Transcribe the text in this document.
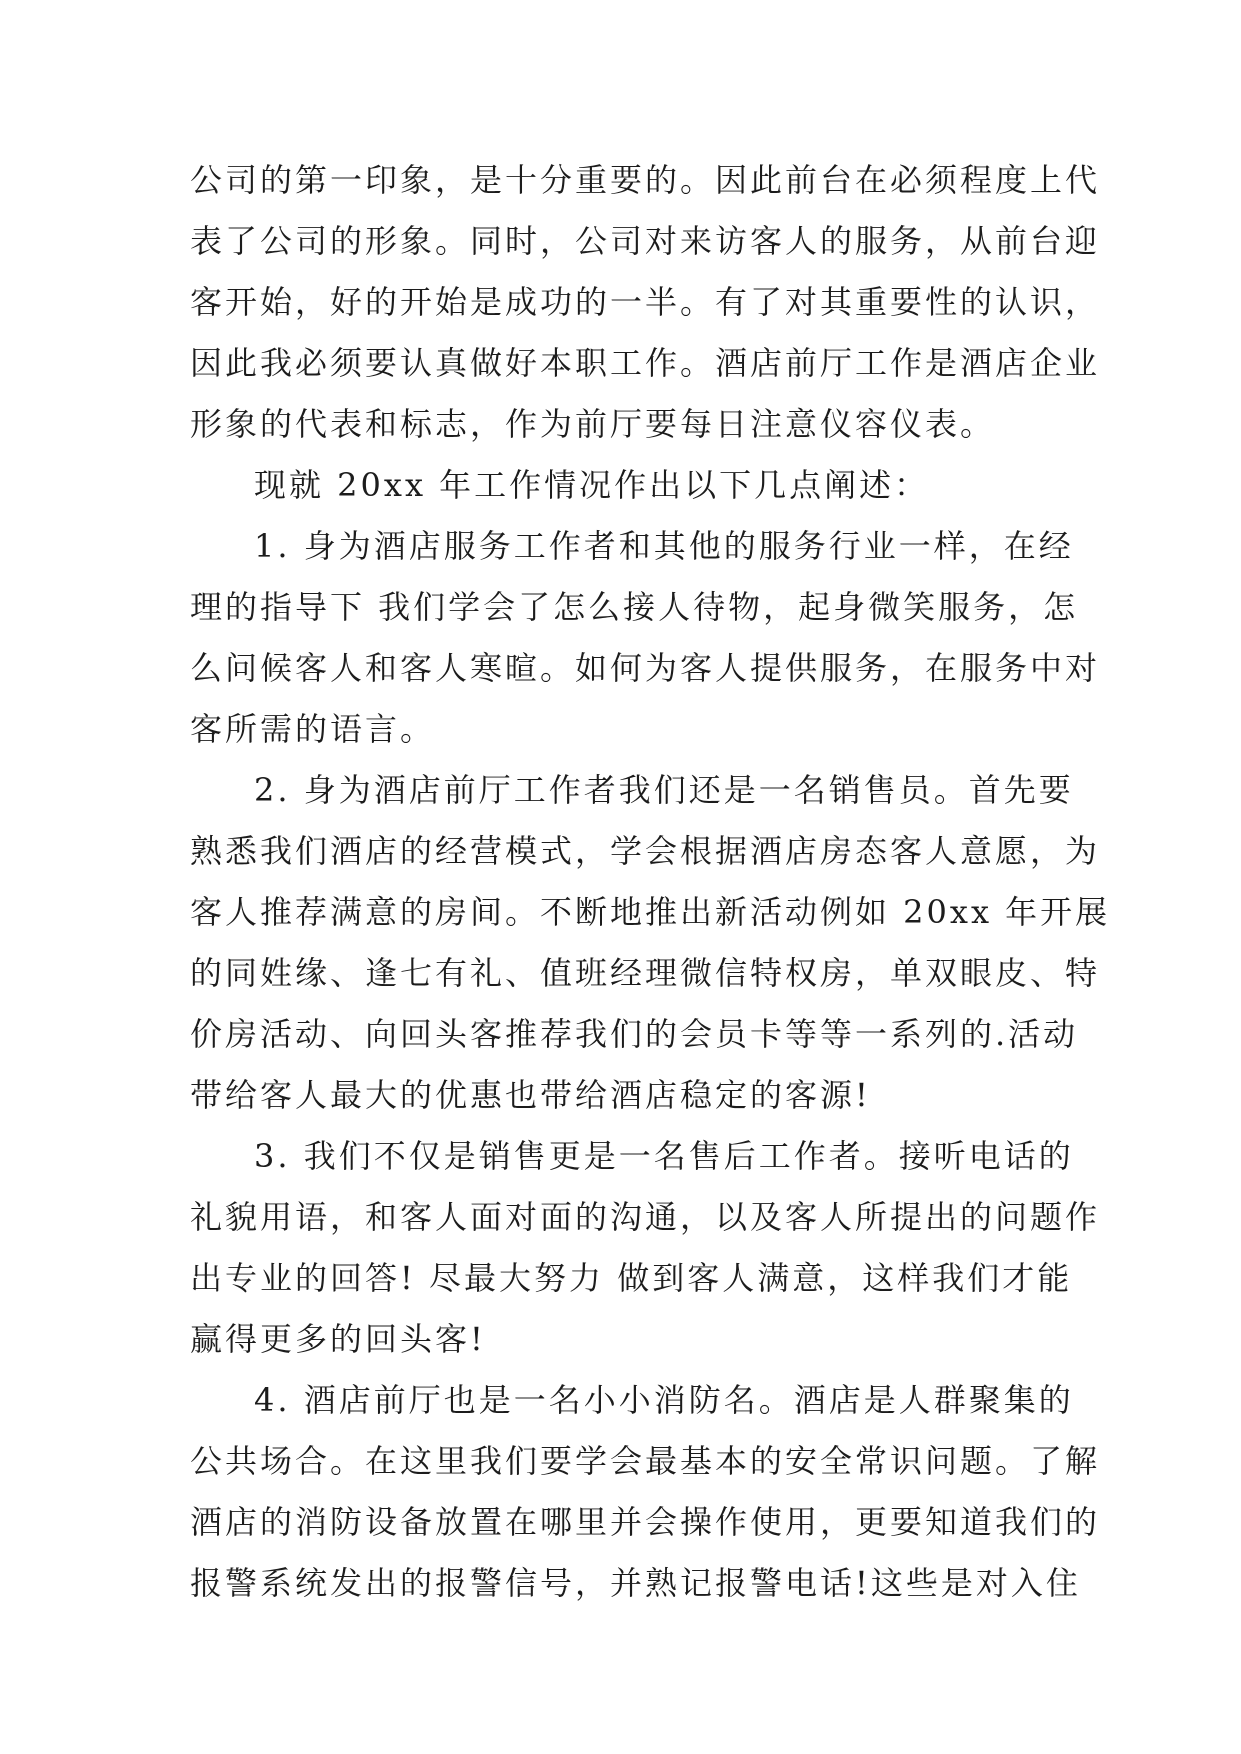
公司的第一印象，是十分重要的。因此前台在必须程度上代
表了公司的形象。同时，公司对来访客人的服务，从前台迎
客开始，好的开始是成功的一半。有了对其重要性的认识，
因此我必须要认真做好本职工作。酒店前厅工作是酒店企业
形象的代表和标志，作为前厅要每日注意仪容仪表。
现就 20xx 年工作情况作出以下几点阐述：
1. 身为酒店服务工作者和其他的服务行业一样，在经
理的指导下 我们学会了怎么接人待物，起身微笑服务，怎
么问候客人和客人寒暄。如何为客人提供服务，在服务中对
客所需的语言。
2. 身为酒店前厅工作者我们还是一名销售员。首先要
熟悉我们酒店的经营模式，学会根据酒店房态客人意愿，为
客人推荐满意的房间。不断地推出新活动例如 20xx 年开展
的同姓缘、逢七有礼、值班经理微信特权房，单双眼皮、特
价房活动、向回头客推荐我们的会员卡等等一系列的.活动
带给客人最大的优惠也带给酒店稳定的客源!
3. 我们不仅是销售更是一名售后工作者。接听电话的
礼貌用语，和客人面对面的沟通，以及客人所提出的问题作
出专业的回答! 尽最大努力 做到客人满意，这样我们才能
赢得更多的回头客!
4. 酒店前厅也是一名小小消防名。酒店是人群聚集的
公共场合。在这里我们要学会最基本的安全常识问题。了解
酒店的消防设备放置在哪里并会操作使用，更要知道我们的
报警系统发出的报警信号，并熟记报警电话!这些是对入住
